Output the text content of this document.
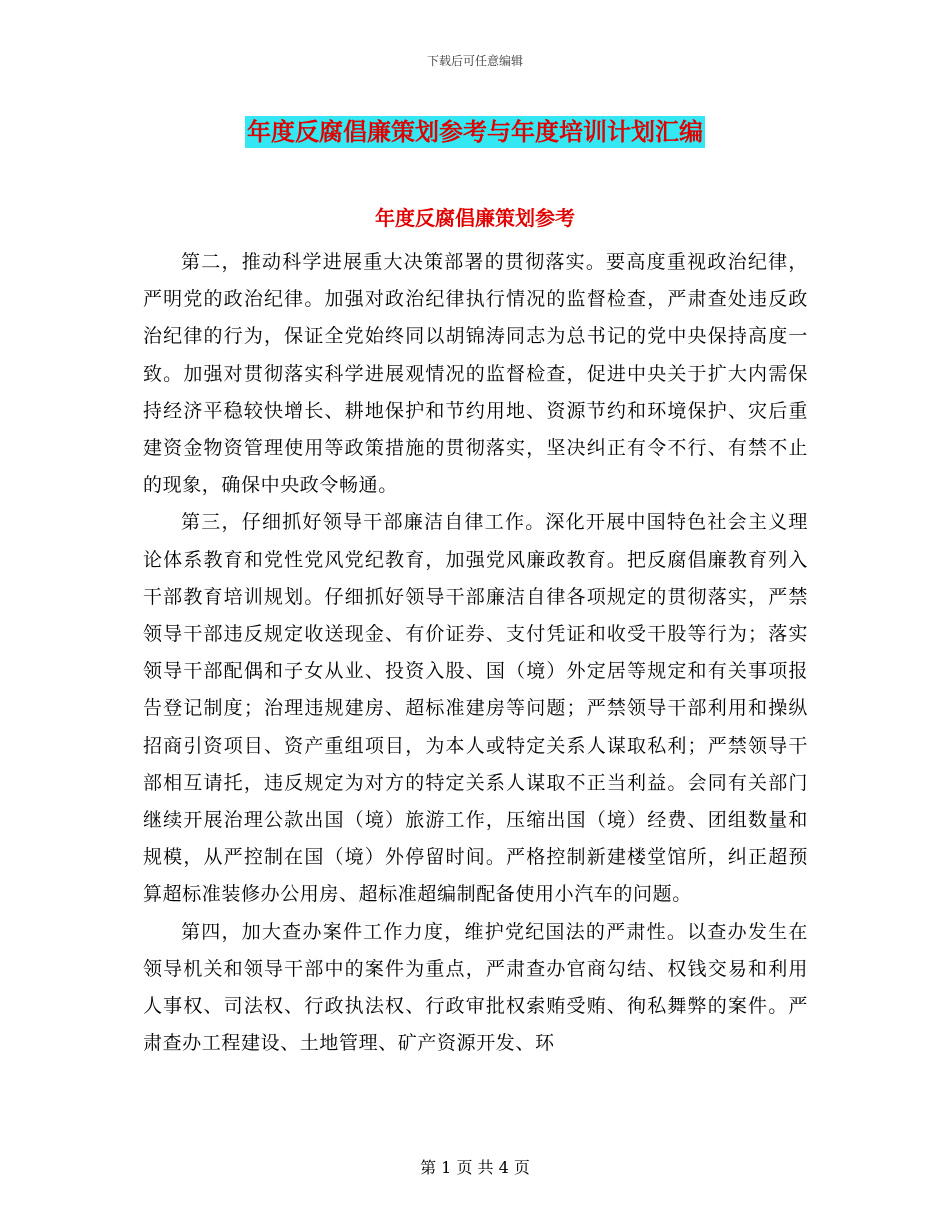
下载后可任意编辑
年度反腐倡廉策划参考与年度培训计划汇编
年度反腐倡廉策划参考

第二，推动科学进展重大决策部署的贯彻落实。要高度重视政治纪律，严明党的政治纪律。加强对政治纪律执行情况的监督检查，严肃查处违反政治纪律的行为，保证全党始终同以胡锦涛同志为总书记的党中央保持高度一致。加强对贯彻落实科学进展观情况的监督检查，促进中央关于扩大内需保持经济平稳较快增长、耕地保护和节约用地、资源节约和环境保护、灾后重建资金物资管理使用等政策措施的贯彻落实，坚决纠正有令不行、有禁不止的现象，确保中央政令畅通。

第三，仔细抓好领导干部廉洁自律工作。深化开展中国特色社会主义理论体系教育和党性党风党纪教育，加强党风廉政教育。把反腐倡廉教育列入干部教育培训规划。仔细抓好领导干部廉洁自律各项规定的贯彻落实，严禁领导干部违反规定收送现金、有价证券、支付凭证和收受干股等行为；落实领导干部配偶和子女从业、投资入股、国（境）外定居等规定和有关事项报告登记制度；治理违规建房、超标准建房等问题；严禁领导干部利用和操纵招商引资项目、资产重组项目，为本人或特定关系人谋取私利；严禁领导干部相互请托，违反规定为对方的特定关系人谋取不正当利益。会同有关部门继续开展治理公款出国（境）旅游工作，压缩出国（境）经费、团组数量和规模，从严控制在国（境）外停留时间。严格控制新建楼堂馆所，纠正超预算超标准装修办公用房、超标准超编制配备使用小汽车的问题。

第四，加大查办案件工作力度，维护党纪国法的严肃性。以查办发生在领导机关和领导干部中的案件为重点，严肃查办官商勾结、权钱交易和利用人事权、司法权、行政执法权、行政审批权索贿受贿、徇私舞弊的案件。严肃查办工程建设、土地管理、矿产资源开发、环

第 1 页 共 4 页
